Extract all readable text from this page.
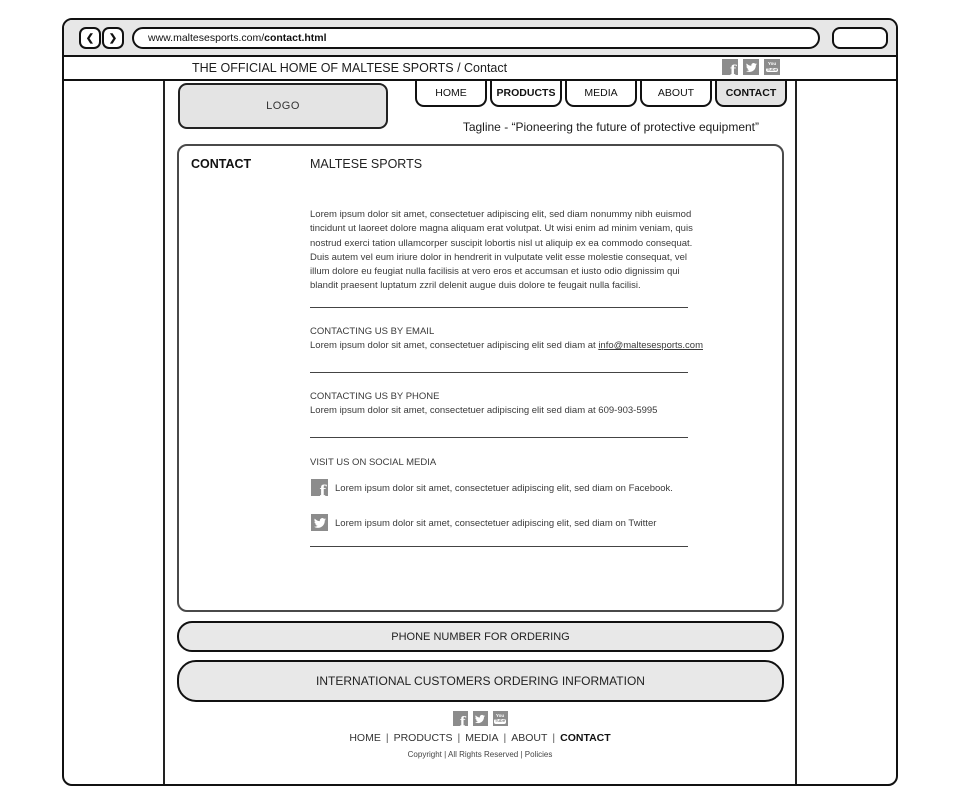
❮ ❯	www.maltesesports.com/ contact.html
THE OFFICIAL HOME OF MALTESE SPORTS / Contact	f	You
Tube
LOGO
HOME	PRODUCTS	MEDIA	ABOUT	CONTACT
Tagline - “Pioneering the future of protective equipment”
CONTACT	MALTESE SPORTS
Lorem ipsum dolor sit amet, consectetuer adipiscing elit, sed diam nonummy nibh euismod tincidunt ut laoreet dolore magna aliquam erat volutpat. Ut wisi enim ad minim veniam, quis nostrud exerci tation ullamcorper suscipit lobortis nisl ut aliquip ex ea commodo consequat. Duis autem vel eum iriure dolor in hendrerit in vulputate velit esse molestie consequat, vel illum dolore eu feugiat nulla facilisis at vero eros et accumsan et iusto odio dignissim qui blandit praesent luptatum zzril delenit augue duis dolore te feugait nulla facilisi.
CONTACTING US BY EMAIL
Lorem ipsum dolor sit amet, consectetuer adipiscing elit sed diam at info@maltesesports.com
CONTACTING US BY PHONE
Lorem ipsum dolor sit amet, consectetuer adipiscing elit sed diam at 609-903-5995
VISIT US ON SOCIAL MEDIA
f Lorem ipsum dolor sit amet, consectetuer adipiscing elit, sed diam on Facebook.
Lorem ipsum dolor sit amet, consectetuer adipiscing elit, sed diam on Twitter
PHONE NUMBER FOR ORDERING
INTERNATIONAL CUSTOMERS ORDERING INFORMATION
f	You
Tube
HOME | PRODUCTS | MEDIA | ABOUT | CONTACT
Copyright | All Rights Reserved | Policies
